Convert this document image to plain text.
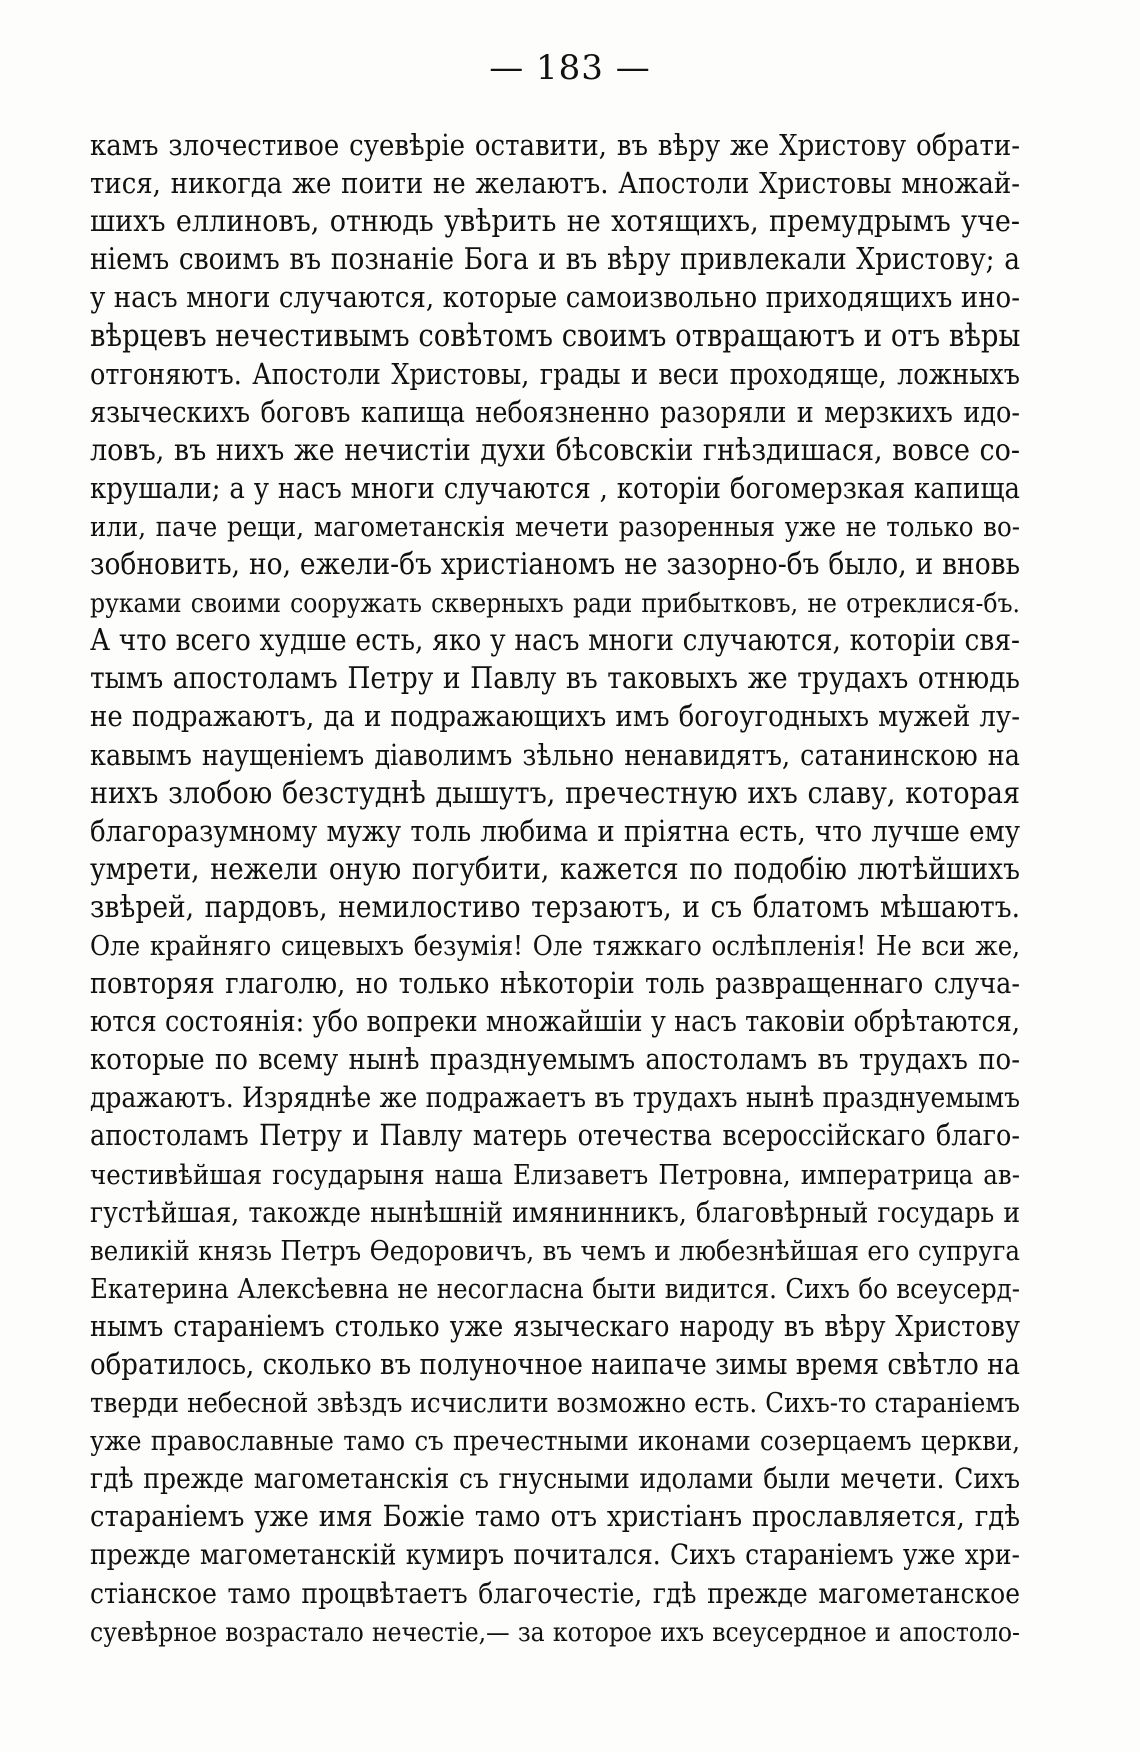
— 183 —
камъ злочестивое суевѣріе оставити, въ вѣру же Христову обрати-
тися, никогда же поити не желаютъ. Апостоли Христовы множай-
шихъ еллиновъ, отнюдь увѣрить не хотящихъ, премудрымъ уче-
ніемъ своимъ въ познаніе Бога и въ вѣру привлекали Христову; а
у насъ многи случаются, которые самоизвольно приходящихъ ино-
вѣрцевъ нечестивымъ совѣтомъ своимъ отвращаютъ и отъ вѣры
отгоняютъ. Апостоли Христовы, грады и веси проходяще, ложныхъ
языческихъ боговъ капища небоязненно разоряли и мерзкихъ идо-
ловъ, въ нихъ же нечистіи духи бѣсовскіи гнѣздишася, вовсе со-
крушали; а у насъ многи случаются , которіи богомерзкая капища
или, паче рещи, магометанскія мечети разоренныя уже не только во-
зобновить, но, ежели-бъ христіаномъ не зазорно-бъ было, и вновь
руками своими сооружать скверныхъ ради прибытковъ, не отреклися-бъ.
А что всего худше есть, яко у насъ многи случаются, которіи свя-
тымъ апостоламъ Петру и Павлу въ таковыхъ же трудахъ отнюдь
не подражаютъ, да и подражающихъ имъ богоугодныхъ мужей лу-
кавымъ наущеніемъ діаволимъ зѣльно ненавидятъ, сатанинскою на
нихъ злобою безстуднѣ дышутъ, пречестную ихъ славу, которая
благоразумному мужу толь любима и пріятна есть, что лучше ему
умрети, нежели оную погубити, кажется по подобію лютѣйшихъ
звѣрей, пардовъ, немилостиво терзаютъ, и съ блатомъ мѣшаютъ.
Оле крайняго сицевыхъ безумія! Оле тяжкаго ослѣпленія! Не вси же,
повторяя глаголю, но только нѣкоторіи толь развращеннаго случа-
ются состоянія: убо вопреки множайшіи у насъ таковіи обрѣтаются,
которые по всему нынѣ празднуемымъ апостоламъ въ трудахъ по-
дражаютъ. Изряднѣе же подражаетъ въ трудахъ нынѣ празднуемымъ
апостоламъ Петру и Павлу матерь отечества всероссійскаго благо-
честивѣйшая государыня наша Елизаветъ Петровна, императрица ав-
густѣйшая, такожде нынѣшній имянинникъ, благовѣрный государь и
великій князь Петръ Ѳедоровичъ, въ чемъ и любезнѣйшая его супруга
Екатерина Алексѣевна не несогласна быти видится. Сихъ бо всеусерд-
нымъ стараніемъ столько уже языческаго народу въ вѣру Христову
обратилось, сколько въ полуночное наипаче зимы время свѣтло на
тверди небесной звѣздъ исчислити возможно есть. Сихъ-то стараніемъ
уже православные тамо съ пречестными иконами созерцаемъ церкви,
гдѣ прежде магометанскія съ гнусными идолами были мечети. Сихъ
стараніемъ уже имя Божіе тамо отъ христіанъ прославляется, гдѣ
прежде магометанскій кумиръ почитался. Сихъ стараніемъ уже хри-
стіанское тамо процвѣтаетъ благочестіе, гдѣ прежде магометанское
суевѣрное возрастало нечестіе,— за которое ихъ всеусердное и апостоло-
